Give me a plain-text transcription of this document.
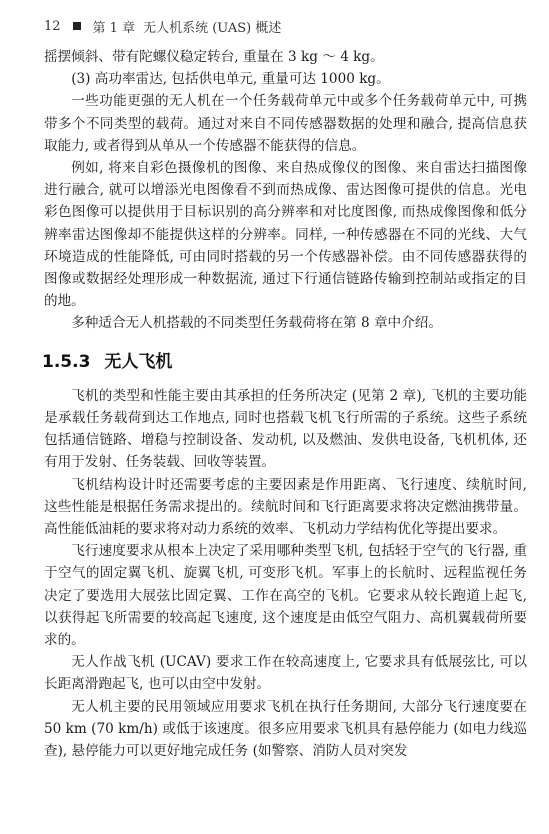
12 第 1 章 无人机系统 (UAS) 概述

摇摆倾斜、带有陀螺仪稳定转台, 重量在 3 kg ～ 4 kg。

(3) 高功率雷达, 包括供电单元, 重量可达 1000 kg。

一些功能更强的无人机在一个任务载荷单元中或多个任务载荷单元中, 可携带多个不同类型的载荷。通过对来自不同传感器数据的处理和融合, 提高信息获取能力, 或者得到从单从一个传感器不能获得的信息。

例如, 将来自彩色摄像机的图像、来自热成像仪的图像、来自雷达扫描图像进行融合, 就可以增添光电图像看不到而热成像、雷达图像可提供的信息。光电彩色图像可以提供用于目标识别的高分辨率和对比度图像, 而热成像图像和低分辨率雷达图像却不能提供这样的分辨率。同样, 一种传感器在不同的光线、大气环境造成的性能降低, 可由同时搭载的另一个传感器补偿。由不同传感器获得的图像或数据经处理形成一种数据流, 通过下行通信链路传输到控制站或指定的目的地。

多种适合无人机搭载的不同类型任务载荷将在第 8 章中介绍。

1.5.3 无人飞机

飞机的类型和性能主要由其承担的任务所决定 (见第 2 章), 飞机的主要功能是承载任务载荷到达工作地点, 同时也搭载飞机飞行所需的子系统。这些子系统包括通信链路、增稳与控制设备、发动机, 以及燃油、发供电设备, 飞机机体, 还有用于发射、任务装载、回收等装置。

飞机结构设计时还需要考虑的主要因素是作用距离、飞行速度、续航时间, 这些性能是根据任务需求提出的。续航时间和飞行距离要求将决定燃油携带量。高性能低油耗的要求将对动力系统的效率、飞机动力学结构优化等提出要求。

飞行速度要求从根本上决定了采用哪种类型飞机, 包括轻于空气的飞行器, 重于空气的固定翼飞机、旋翼飞机, 可变形飞机。军事上的长航时、远程监视任务决定了要选用大展弦比固定翼、工作在高空的飞机。它要求从较长跑道上起飞, 以获得起飞所需要的较高起飞速度, 这个速度是由低空气阻力、高机翼载荷所要求的。

无人作战飞机 (UCAV) 要求工作在较高速度上, 它要求具有低展弦比, 可以长距离滑跑起飞, 也可以由空中发射。

无人机主要的民用领域应用要求飞机在执行任务期间, 大部分飞行速度要在 50 km (70 km/h) 或低于该速度。很多应用要求飞机具有悬停能力 (如电力线巡查), 悬停能力可以更好地完成任务 (如警察、消防人员对突发
